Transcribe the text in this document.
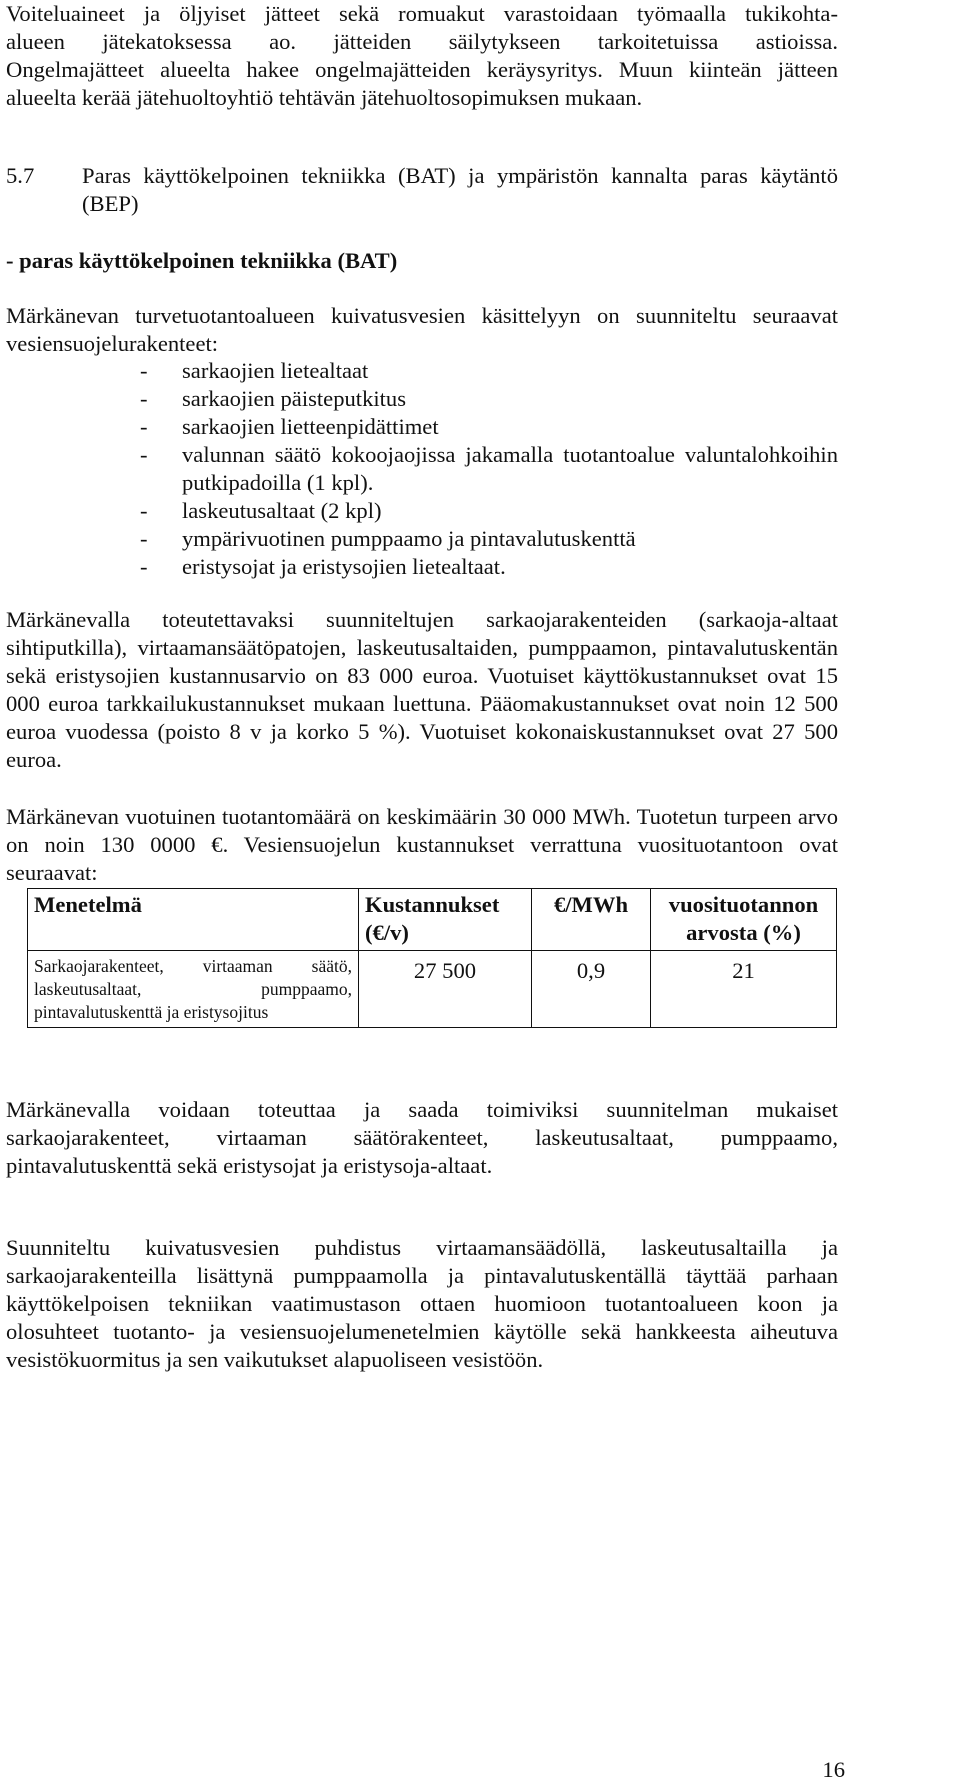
Voiteluaineet ja öljyiset jätteet sekä romuakut varastoidaan työmaalla tukikohta-
alueen jätekatoksessa ao. jätteiden säilytykseen tarkoitetuissa astioissa.
Ongelmajätteet alueelta hakee ongelmajätteiden keräysyritys. Muun kiinteän jätteen
alueelta kerää jätehuoltoyhtiö tehtävän jätehuoltosopimuksen mukaan.
5.7	Paras käyttökelpoinen tekniikka (BAT) ja ympäristön kannalta paras käytäntö (BEP)
- paras käyttökelpoinen tekniikka (BAT)

Märkänevan turvetuotantoalueen kuivatusvesien käsittelyyn on suunniteltu seuraavat vesiensuojelurakenteet:

- sarkaojien lietealtaat
- sarkaojien päisteputkitus
- sarkaojien lietteenpidättimet
- valunnan säätö kokoojaojissa jakamalla tuotantoalue valuntalohkoihin putkipadoilla (1 kpl).
- laskeutusaltaat (2 kpl)
- ympärivuotinen pumppaamo ja pintavalutuskenttä
- eristysojat ja eristysojien lietealtaat.

Märkänevalla toteutettavaksi suunniteltujen sarkaojarakenteiden (sarkaoja-altaat sihtiputkilla), virtaamansäätöpatojen, laskeutusaltaiden, pumppaamon, pintavalutuskentän sekä eristysojien kustannusarvio on 83 000 euroa. Vuotuiset käyttökustannukset ovat 15 000 euroa tarkkailukustannukset mukaan luettuna. Pääomakustannukset ovat noin 12 500 euroa vuodessa (poisto 8 v ja korko 5 %). Vuotuiset kokonaiskustannukset ovat 27 500 euroa.

Märkänevan vuotuinen tuotantomäärä on keskimäärin 30 000 MWh. Tuotetun turpeen arvo on noin 130 0000 €. Vesiensuojelun kustannukset verrattuna vuosituotantoon ovat seuraavat:

Menetelmä	Kustannukset (€/v)	€/MWh	vuosituotannon arvosta (%)
Sarkaojarakenteet, virtaaman säätö, laskeutusaltaat, pumppaamo, pintavalutuskenttä ja eristysojitus	27 500	0,9	21

Märkänevalla voidaan toteuttaa ja saada toimiviksi suunnitelman mukaiset sarkaojarakenteet, virtaaman säätörakenteet, laskeutusaltaat, pumppaamo, pintavalutuskenttä sekä eristysojat ja eristysoja-altaat.

Suunniteltu kuivatusvesien puhdistus virtaamansäädöllä, laskeutusaltailla ja sarkaojarakenteilla lisättynä pumppaamolla ja pintavalutuskentällä täyttää parhaan käyttökelpoisen tekniikan vaatimustason ottaen huomioon tuotantoalueen koon ja olosuhteet tuotanto- ja vesiensuojelumenetelmien käytölle sekä hankkeesta aiheutuva vesistökuormitus ja sen vaikutukset alapuoliseen vesistöön.

16
